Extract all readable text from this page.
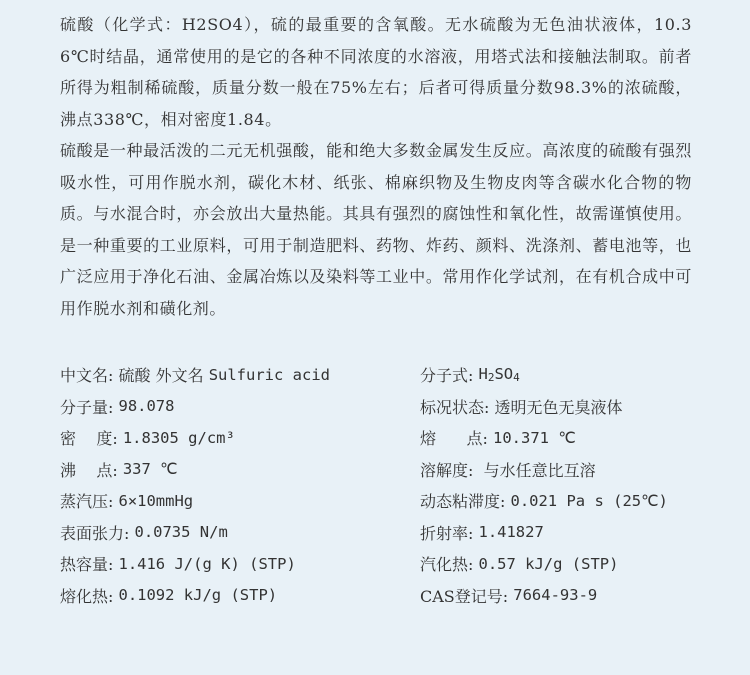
硫酸（化学式：H2SO4），硫的最重要的含氧酸。无水硫酸为无色油状液体，10.36℃时结晶，通常使用的是它的各种不同浓度的水溶液，用塔式法和接触法制取。前者所得为粗制稀硫酸，质量分数一般在75%左右；后者可得质量分数98.3%的浓硫酸，沸点338℃，相对密度1.84。

硫酸是一种最活泼的二元无机强酸，能和绝大多数金属发生反应。高浓度的硫酸有强烈吸水性，可用作脱水剂，碳化木材、纸张、棉麻织物及生物皮肉等含碳水化合物的物质。与水混合时，亦会放出大量热能。其具有强烈的腐蚀性和氧化性，故需谨慎使用。是一种重要的工业原料，可用于制造肥料、药物、炸药、颜料、洗涤剂、蓄电池等，也广泛应用于净化石油、金属冶炼以及染料等工业中。常用作化学试剂，在有机合成中可用作脱水剂和磺化剂。

中文名: 硫酸 外文名 Sulfuric acid	分子式: H2SO4
分子量: 98.078	标况状态: 透明无色无臭液体
密    度: 1.8305 g/cm³	熔      点: 10.371 ℃
沸    点: 337 ℃	溶解度: 与水任意比互溶
蒸汽压: 6×10mmHg	动态粘滞度: 0.021 Pa s (25℃)
表面张力: 0.0735 N/m	折射率: 1.41827
热容量: 1.416 J/(g K) (STP)	汽化热: 0.57 kJ/g (STP)
熔化热: 0.1092 kJ/g (STP)	CAS登记号: 7664-93-9
